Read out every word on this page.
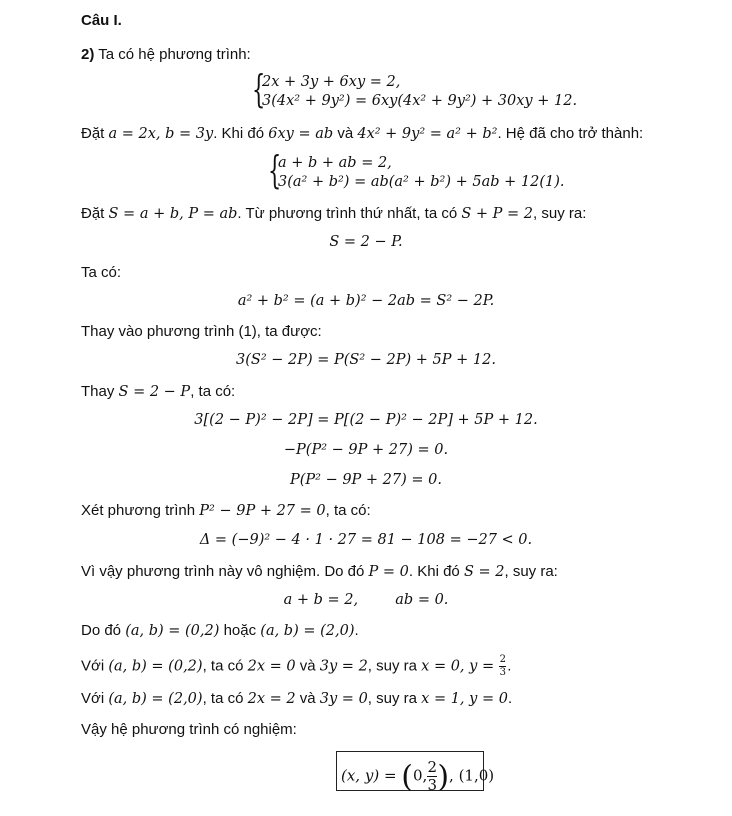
Câu I.
2) Ta có hệ phương trình:
{
2x + 3y + 6xy = 2,
3(4x² + 9y²) = 6xy(4x² + 9y²) + 30xy + 12.
Đặt a = 2x, b = 3y. Khi đó 6xy = ab và 4x² + 9y² = a² + b². Hệ đã cho trở thành:
{
a + b + ab = 2,
3(a² + b²) = ab(a² + b²) + 5ab + 12(1).
Đặt S = a + b, P = ab. Từ phương trình thứ nhất, ta có S + P = 2, suy ra:
S = 2 − P.
Ta có:
a² + b² = (a + b)² − 2ab = S² − 2P.
Thay vào phương trình (1), ta được:
3(S² − 2P) = P(S² − 2P) + 5P + 12.
Thay S = 2 − P, ta có:
3[(2 − P)² − 2P] = P[(2 − P)² − 2P] + 5P + 12.
−P(P² − 9P + 27) = 0.
P(P² − 9P + 27) = 0.
Xét phương trình P² − 9P + 27 = 0, ta có:
Δ = (−9)² − 4 · 1 · 27 = 81 − 108 = −27 < 0.
Vì vậy phương trình này vô nghiệm. Do đó P = 0. Khi đó S = 2, suy ra:
a + b = 2,	ab = 0.
Do đó (a, b) = (0,2) hoặc (a, b) = (2,0).
Với (a, b) = (0,2), ta có 2x = 0 và 3y = 2, suy ra x = 0, $y = \frac{2}{3}$ .
Với (a, b) = (2,0), ta có 2x = 2 và 3y = 0, suy ra x = 1, y = 0.
Vậy hệ phương trình có nghiệm:
(x, y) = (0, $\frac{2}{3}$ ), (1,0)
